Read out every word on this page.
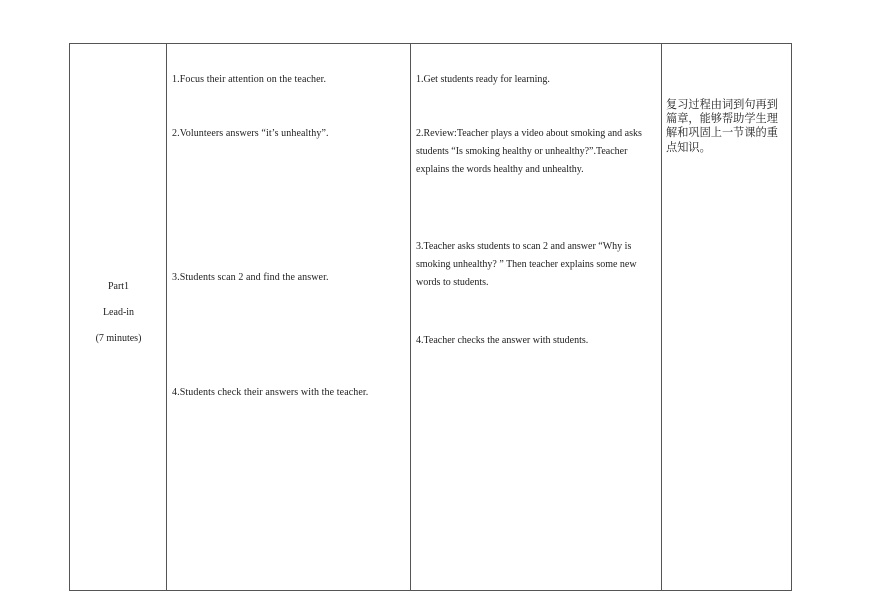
Part1
Lead-in
(7 minutes)
1.Focus their attention on the teacher.
2.Volunteers answers “it’s unhealthy”.
3.Students scan 2 and find the answer.
4.Students check their answers with the teacher.
1.Get students ready for learning.
2.Review:Teacher plays a video about smoking and asks students “Is smoking healthy or unhealthy?”.Teacher explains the words healthy and unhealthy.
3.Teacher asks students to scan 2 and answer “Why is smoking unhealthy? ” Then teacher explains some new words to students.
4.Teacher checks the answer with students.
复习过程由词到句再到篇章，能够帮助学生理解和巩固上一节课的重点知识。
